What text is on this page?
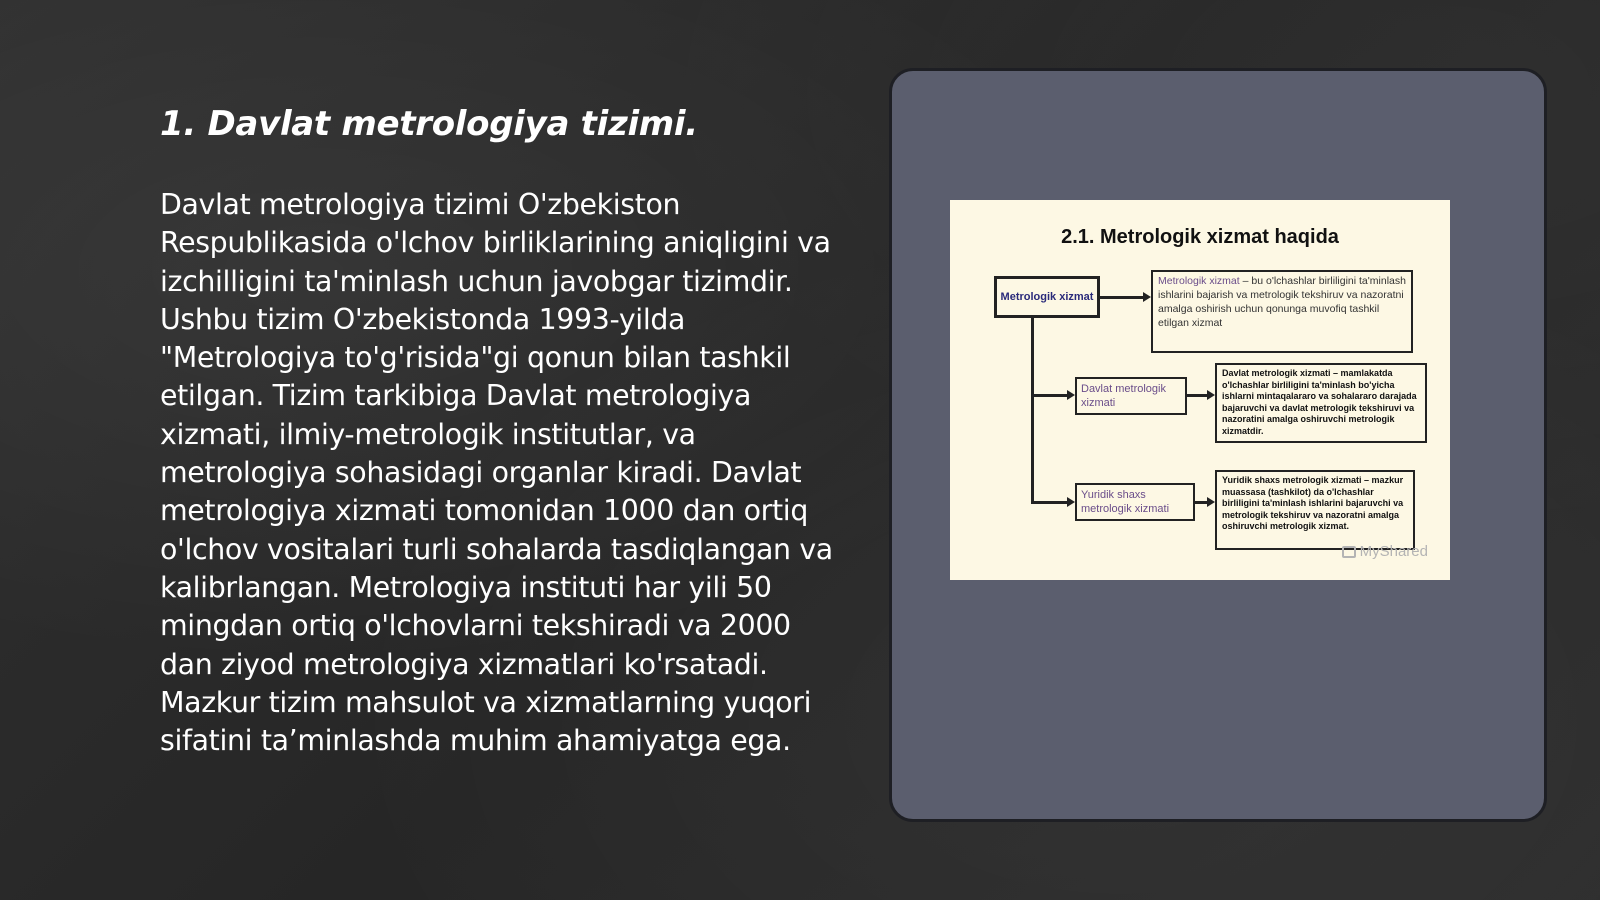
1. Davlat metrologiya tizimi.

Davlat metrologiya tizimi O'zbekiston Respublikasida o'lchov birliklarining aniqligini va izchilligini ta'minlash uchun javobgar tizimdir. Ushbu tizim O'zbekistonda 1993-yilda "Metrologiya to'g'risida"gi qonun bilan tashkil etilgan. Tizim tarkibiga Davlat metrologiya xizmati, ilmiy-metrologik institutlar, va metrologiya sohasidagi organlar kiradi. Davlat metrologiya xizmati tomonidan 1000 dan ortiq o'lchov vositalari turli sohalarda tasdiqlangan va kalibrlangan. Metrologiya instituti har yili 50 mingdan ortiq o'lchovlarni tekshiradi va 2000 dan ziyod metrologiya xizmatlari ko'rsatadi. Mazkur tizim mahsulot va xizmatlarning yuqori sifatini ta’minlashda muhim ahamiyatga ega.

2.1. Metrologik xizmat haqida
Metrologik xizmat
Metrologik xizmat – bu o'lchashlar birliligini ta'minlash ishlarini bajarish va metrologik tekshiruv va nazoratni amalga oshirish uchun qonunga muvofiq tashkil etilgan xizmat
Davlat metrologik xizmati
Davlat metrologik xizmati – mamlakatda o'lchashlar birliligini ta'minlash bo'yicha ishlarni mintaqalararo va sohalararo darajada bajaruvchi va davlat metrologik tekshiruvi va nazoratini amalga oshiruvchi metrologik xizmatdir.
Yuridik shaxs metrologik xizmati
Yuridik shaxs metrologik xizmati – mazkur muassasa (tashkilot) da o'lchashlar birliligini ta'minlash ishlarini bajaruvchi va metrologik tekshiruv va nazoratni amalga oshiruvchi metrologik xizmat.
MyShared
